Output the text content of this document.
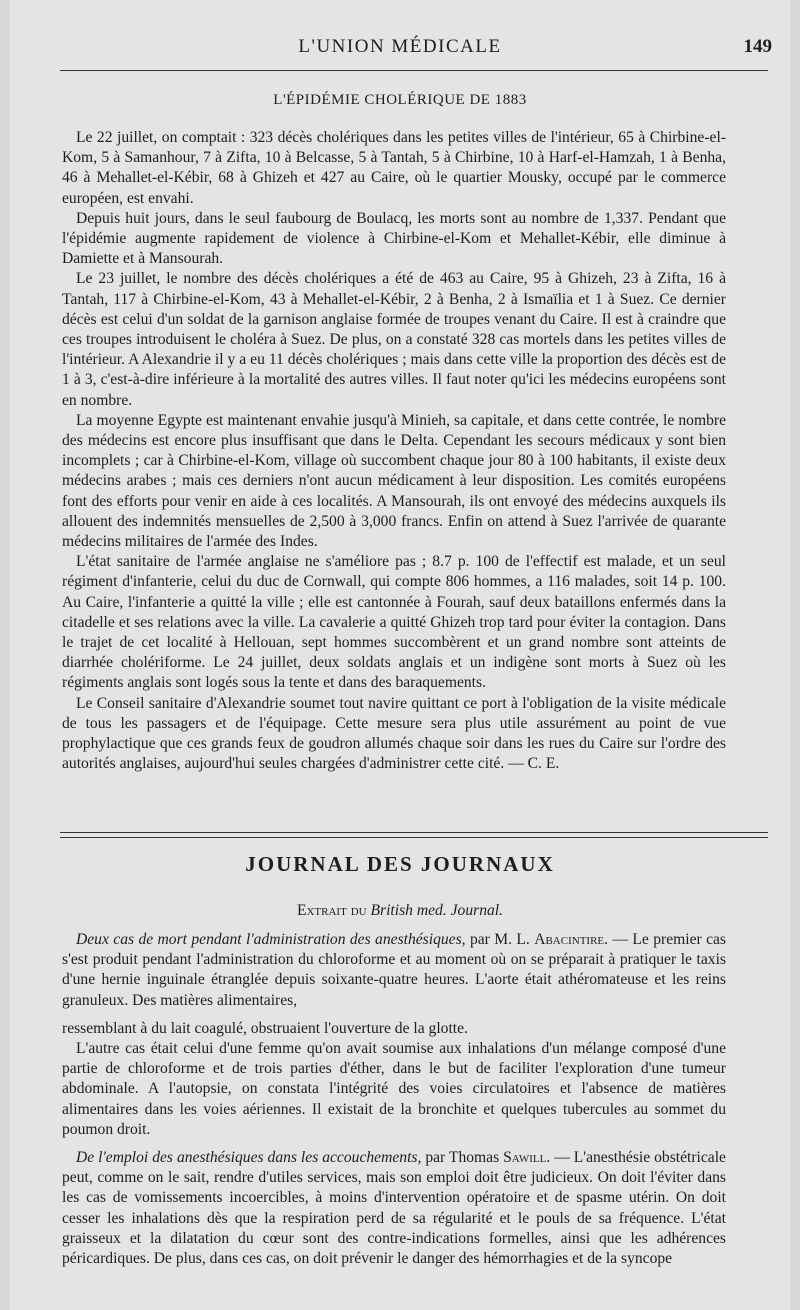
L'UNION MÉDICALE	149
L'ÉPIDÉMIE CHOLÉRIQUE DE 1883

Le 22 juillet, on comptait : 323 décès cholériques dans les petites villes de l'intérieur, 65 à Chirbine-el-Kom, 5 à Samanhour, 7 à Zifta, 10 à Belcasse, 5 à Tantah, 5 à Chirbine, 10 à Harf-el-Hamzah, 1 à Benha, 46 à Mehallet-el-Kébir, 68 à Ghizeh et 427 au Caire, où le quartier Mousky, occupé par le commerce européen, est envahi.

Depuis huit jours, dans le seul faubourg de Boulacq, les morts sont au nombre de 1,337. Pendant que l'épidémie augmente rapidement de violence à Chirbine-el-Kom et Mehallet-Kébir, elle diminue à Damiette et à Mansourah.

Le 23 juillet, le nombre des décès cholériques a été de 463 au Caire, 95 à Ghizeh, 23 à Zifta, 16 à Tantah, 117 à Chirbine-el-Kom, 43 à Mehallet-el-Kébir, 2 à Benha, 2 à Ismaïlia et 1 à Suez. Ce dernier décès est celui d'un soldat de la garnison anglaise formée de troupes venant du Caire. Il est à craindre que ces troupes introduisent le choléra à Suez. De plus, on a constaté 328 cas mortels dans les petites villes de l'intérieur. A Alexandrie il y a eu 11 décès cholériques ; mais dans cette ville la proportion des décès est de 1 à 3, c'est-à-dire inférieure à la mortalité des autres villes. Il faut noter qu'ici les médecins européens sont en nombre.

La moyenne Egypte est maintenant envahie jusqu'à Minieh, sa capitale, et dans cette contrée, le nombre des médecins est encore plus insuffisant que dans le Delta. Cependant les secours médicaux y sont bien incomplets ; car à Chirbine-el-Kom, village où succombent chaque jour 80 à 100 habitants, il existe deux médecins arabes ; mais ces derniers n'ont aucun médicament à leur disposition. Les comités européens font des efforts pour venir en aide à ces localités. A Mansourah, ils ont envoyé des médecins auxquels ils allouent des indemnités mensuelles de 2,500 à 3,000 francs. Enfin on attend à Suez l'arrivée de quarante médecins militaires de l'armée des Indes.

L'état sanitaire de l'armée anglaise ne s'améliore pas ; 8.7 p. 100 de l'effectif est malade, et un seul régiment d'infanterie, celui du duc de Cornwall, qui compte 806 hommes, a 116 malades, soit 14 p. 100. Au Caire, l'infanterie a quitté la ville ; elle est cantonnée à Fourah, sauf deux bataillons enfermés dans la citadelle et ses relations avec la ville. La cavalerie a quitté Ghizeh trop tard pour éviter la contagion. Dans le trajet de cet localité à Hellouan, sept hommes succombèrent et un grand nombre sont atteints de diarrhée cholériforme. Le 24 juillet, deux soldats anglais et un indigène sont morts à Suez où les régiments anglais sont logés sous la tente et dans des baraquements.

Le Conseil sanitaire d'Alexandrie soumet tout navire quittant ce port à l'obligation de la visite médicale de tous les passagers et de l'équipage. Cette mesure sera plus utile assurément au point de vue prophylactique que ces grands feux de goudron allumés chaque soir dans les rues du Caire sur l'ordre des autorités anglaises, aujourd'hui seules chargées d'administrer cette cité. — C. E.

JOURNAL DES JOURNAUX
Extrait du British med. Journal.

Deux cas de mort pendant l'administration des anesthésiques, par M. L. Abacintire. — Le premier cas s'est produit pendant l'administration du chloroforme et au moment où on se préparait à pratiquer le taxis d'une hernie inguinale étranglée depuis soixante-quatre heures. L'aorte était athéromateuse et les reins granuleux. Des matières alimentaires,

ressemblant à du lait coagulé, obstruaient l'ouverture de la glotte.

L'autre cas était celui d'une femme qu'on avait soumise aux inhalations d'un mélange composé d'une partie de chloroforme et de trois parties d'éther, dans le but de faciliter l'exploration d'une tumeur abdominale. A l'autopsie, on constata l'intégrité des voies circulatoires et l'absence de matières alimentaires dans les voies aériennes. Il existait de la bronchite et quelques tubercules au sommet du poumon droit.

De l'emploi des anesthésiques dans les accouchements, par Thomas Sawill. — L'anesthésie obstétricale peut, comme on le sait, rendre d'utiles services, mais son emploi doit être judicieux. On doit l'éviter dans les cas de vomissements incoercibles, à moins d'intervention opératoire et de spasme utérin. On doit cesser les inhalations dès que la respiration perd de sa régularité et le pouls de sa fréquence. L'état graisseux et la dilatation du cœur sont des contre-indications formelles, ainsi que les adhérences péricardiques. De plus, dans ces cas, on doit prévenir le danger des hémorrhagies et de la syncope
